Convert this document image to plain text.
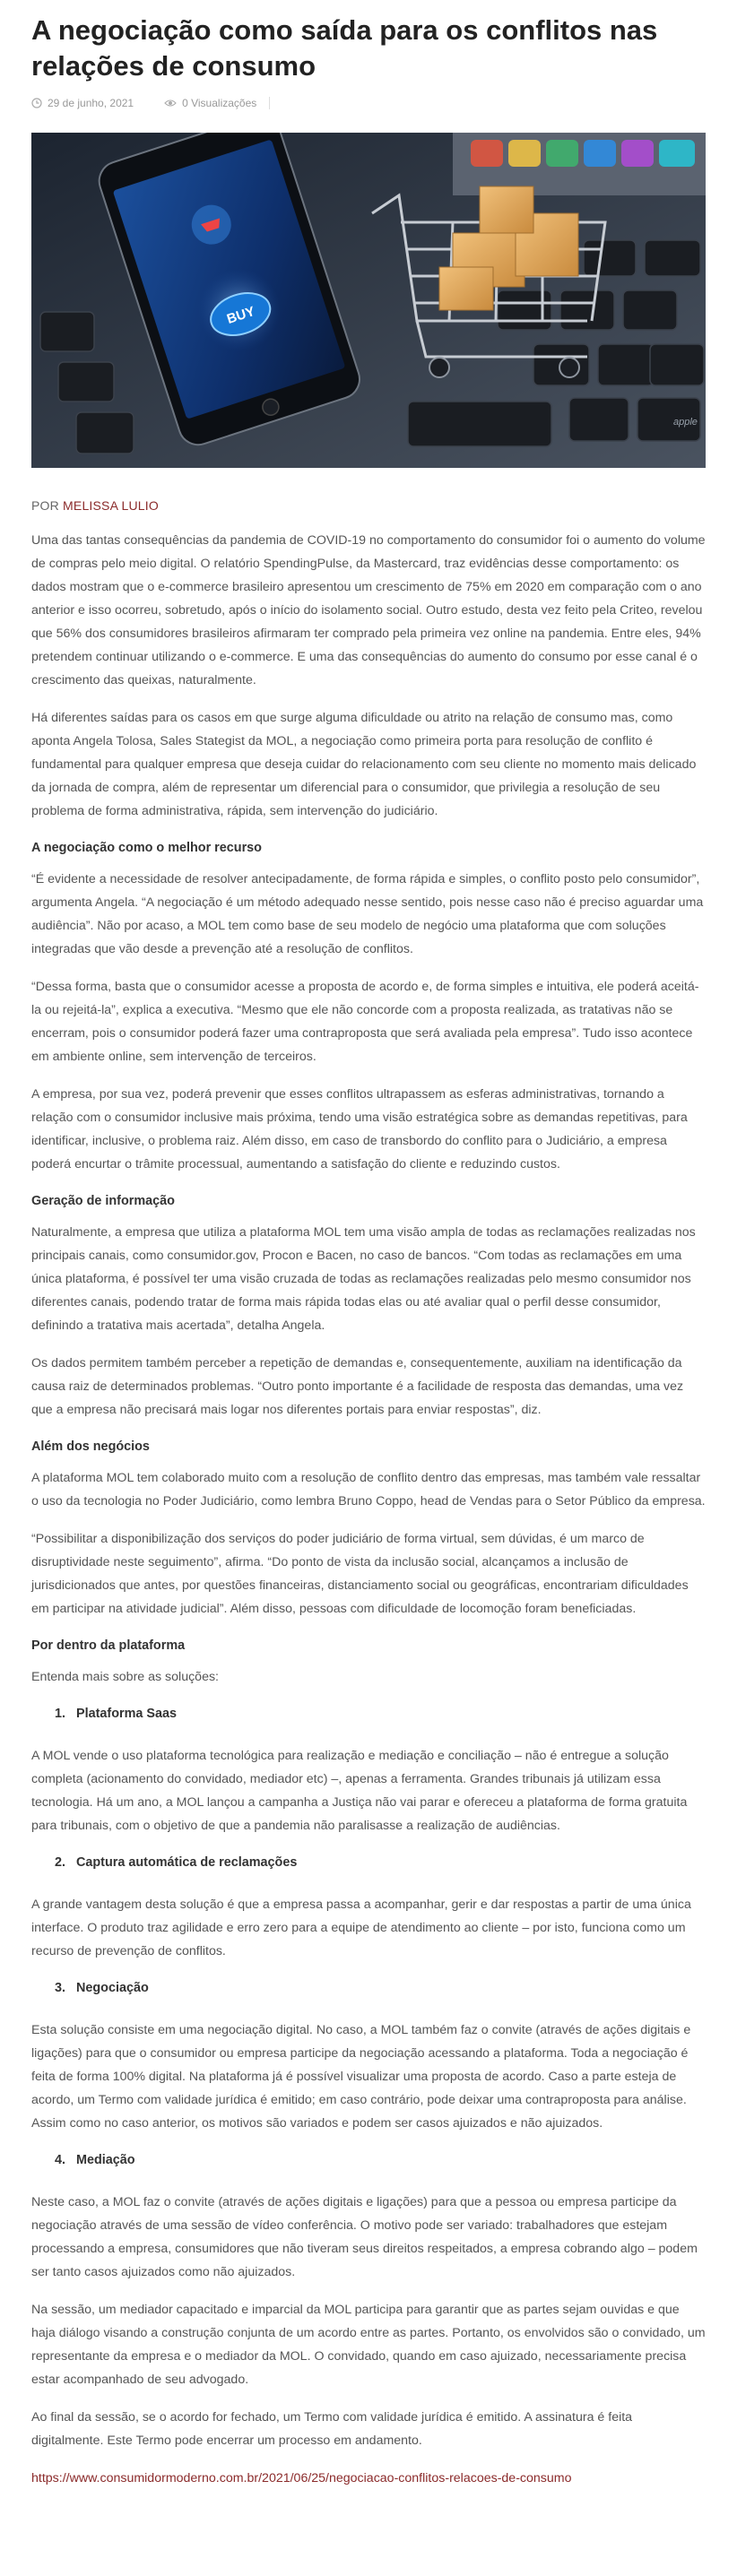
A negociação como saída para os conflitos nas relações de consumo
29 de junho, 2021	0 Visualizações
apple
BUY
POR MELISSA LULIO

Uma das tantas consequências da pandemia de COVID-19 no comportamento do consumidor foi o aumento do volume de compras pelo meio digital. O relatório SpendingPulse, da Mastercard, traz evidências desse comportamento: os dados mostram que o e-commerce brasileiro apresentou um crescimento de 75% em 2020 em comparação com o ano anterior e isso ocorreu, sobretudo, após o início do isolamento social. Outro estudo, desta vez feito pela Criteo, revelou que 56% dos consumidores brasileiros afirmaram ter comprado pela primeira vez online na pandemia. Entre eles, 94% pretendem continuar utilizando o e-commerce. E uma das consequências do aumento do consumo por esse canal é o crescimento das queixas, naturalmente.

Há diferentes saídas para os casos em que surge alguma dificuldade ou atrito na relação de consumo mas, como aponta Angela Tolosa, Sales Stategist da MOL, a negociação como primeira porta para resolução de conflito é fundamental para qualquer empresa que deseja cuidar do relacionamento com seu cliente no momento mais delicado da jornada de compra, além de representar um diferencial para o consumidor, que privilegia a resolução de seu problema de forma administrativa, rápida, sem intervenção do judiciário.

A negociação como o melhor recurso

“É evidente a necessidade de resolver antecipadamente, de forma rápida e simples, o conflito posto pelo consumidor”, argumenta Angela. “A negociação é um método adequado nesse sentido, pois nesse caso não é preciso aguardar uma audiência”. Não por acaso, a MOL tem como base de seu modelo de negócio uma plataforma que com soluções integradas que vão desde a prevenção até a resolução de conflitos.

“Dessa forma, basta que o consumidor acesse a proposta de acordo e, de forma simples e intuitiva, ele poderá aceitá-la ou rejeitá-la”, explica a executiva. “Mesmo que ele não concorde com a proposta realizada, as tratativas não se encerram, pois o consumidor poderá fazer uma contraproposta que será avaliada pela empresa”. Tudo isso acontece em ambiente online, sem intervenção de terceiros.

A empresa, por sua vez, poderá prevenir que esses conflitos ultrapassem as esferas administrativas, tornando a relação com o consumidor inclusive mais próxima, tendo uma visão estratégica sobre as demandas repetitivas, para identificar, inclusive, o problema raiz. Além disso, em caso de transbordo do conflito para o Judiciário, a empresa poderá encurtar o trâmite processual, aumentando a satisfação do cliente e reduzindo custos.

Geração de informação

Naturalmente, a empresa que utiliza a plataforma MOL tem uma visão ampla de todas as reclamações realizadas nos principais canais, como consumidor.gov, Procon e Bacen, no caso de bancos. “Com todas as reclamações em uma única plataforma, é possível ter uma visão cruzada de todas as reclamações realizadas pelo mesmo consumidor nos diferentes canais, podendo tratar de forma mais rápida todas elas ou até avaliar qual o perfil desse consumidor, definindo a tratativa mais acertada”, detalha Angela.

Os dados permitem também perceber a repetição de demandas e, consequentemente, auxiliam na identificação da causa raiz de determinados problemas. “Outro ponto importante é a facilidade de resposta das demandas, uma vez que a empresa não precisará mais logar nos diferentes portais para enviar respostas”, diz.

Além dos negócios

A plataforma MOL tem colaborado muito com a resolução de conflito dentro das empresas, mas também vale ressaltar o uso da tecnologia no Poder Judiciário, como lembra Bruno Coppo, head de Vendas para o Setor Público da empresa.

“Possibilitar a disponibilização dos serviços do poder judiciário de forma virtual, sem dúvidas, é um marco de disruptividade neste seguimento”, afirma. “Do ponto de vista da inclusão social, alcançamos a inclusão de jurisdicionados que antes, por questões financeiras, distanciamento social ou geográficas, encontrariam dificuldades em participar na atividade judicial”. Além disso, pessoas com dificuldade de locomoção foram beneficiadas.

Por dentro da plataforma

Entenda mais sobre as soluções:

1. Plataforma Saas

A MOL vende o uso plataforma tecnológica para realização e mediação e conciliação – não é entregue a solução completa (acionamento do convidado, mediador etc) –, apenas a ferramenta. Grandes tribunais já utilizam essa tecnologia. Há um ano, a MOL lançou a campanha a Justiça não vai parar e ofereceu a plataforma de forma gratuita para tribunais, com o objetivo de que a pandemia não paralisasse a realização de audiências.

2. Captura automática de reclamações

A grande vantagem desta solução é que a empresa passa a acompanhar, gerir e dar respostas a partir de uma única interface. O produto traz agilidade e erro zero para a equipe de atendimento ao cliente – por isto, funciona como um recurso de prevenção de conflitos.

3. Negociação

Esta solução consiste em uma negociação digital. No caso, a MOL também faz o convite (através de ações digitais e ligações) para que o consumidor ou empresa participe da negociação acessando a plataforma. Toda a negociação é feita de forma 100% digital. Na plataforma já é possível visualizar uma proposta de acordo. Caso a parte esteja de acordo, um Termo com validade jurídica é emitido; em caso contrário, pode deixar uma contraproposta para análise. Assim como no caso anterior, os motivos são variados e podem ser casos ajuizados e não ajuizados.

4. Mediação

Neste caso, a MOL faz o convite (através de ações digitais e ligações) para que a pessoa ou empresa participe da negociação através de uma sessão de vídeo conferência. O motivo pode ser variado: trabalhadores que estejam processando a empresa, consumidores que não tiveram seus direitos respeitados, a empresa cobrando algo – podem ser tanto casos ajuizados como não ajuizados.

Na sessão, um mediador capacitado e imparcial da MOL participa para garantir que as partes sejam ouvidas e que haja diálogo visando a construção conjunta de um acordo entre as partes. Portanto, os envolvidos são o convidado, um representante da empresa e o mediador da MOL. O convidado, quando em caso ajuizado, necessariamente precisa estar acompanhado de seu advogado.

Ao final da sessão, se o acordo for fechado, um Termo com validade jurídica é emitido. A assinatura é feita digitalmente. Este Termo pode encerrar um processo em andamento.

https://www.consumidormoderno.com.br/2021/06/25/negociacao-conflitos-relacoes-de-consumo
